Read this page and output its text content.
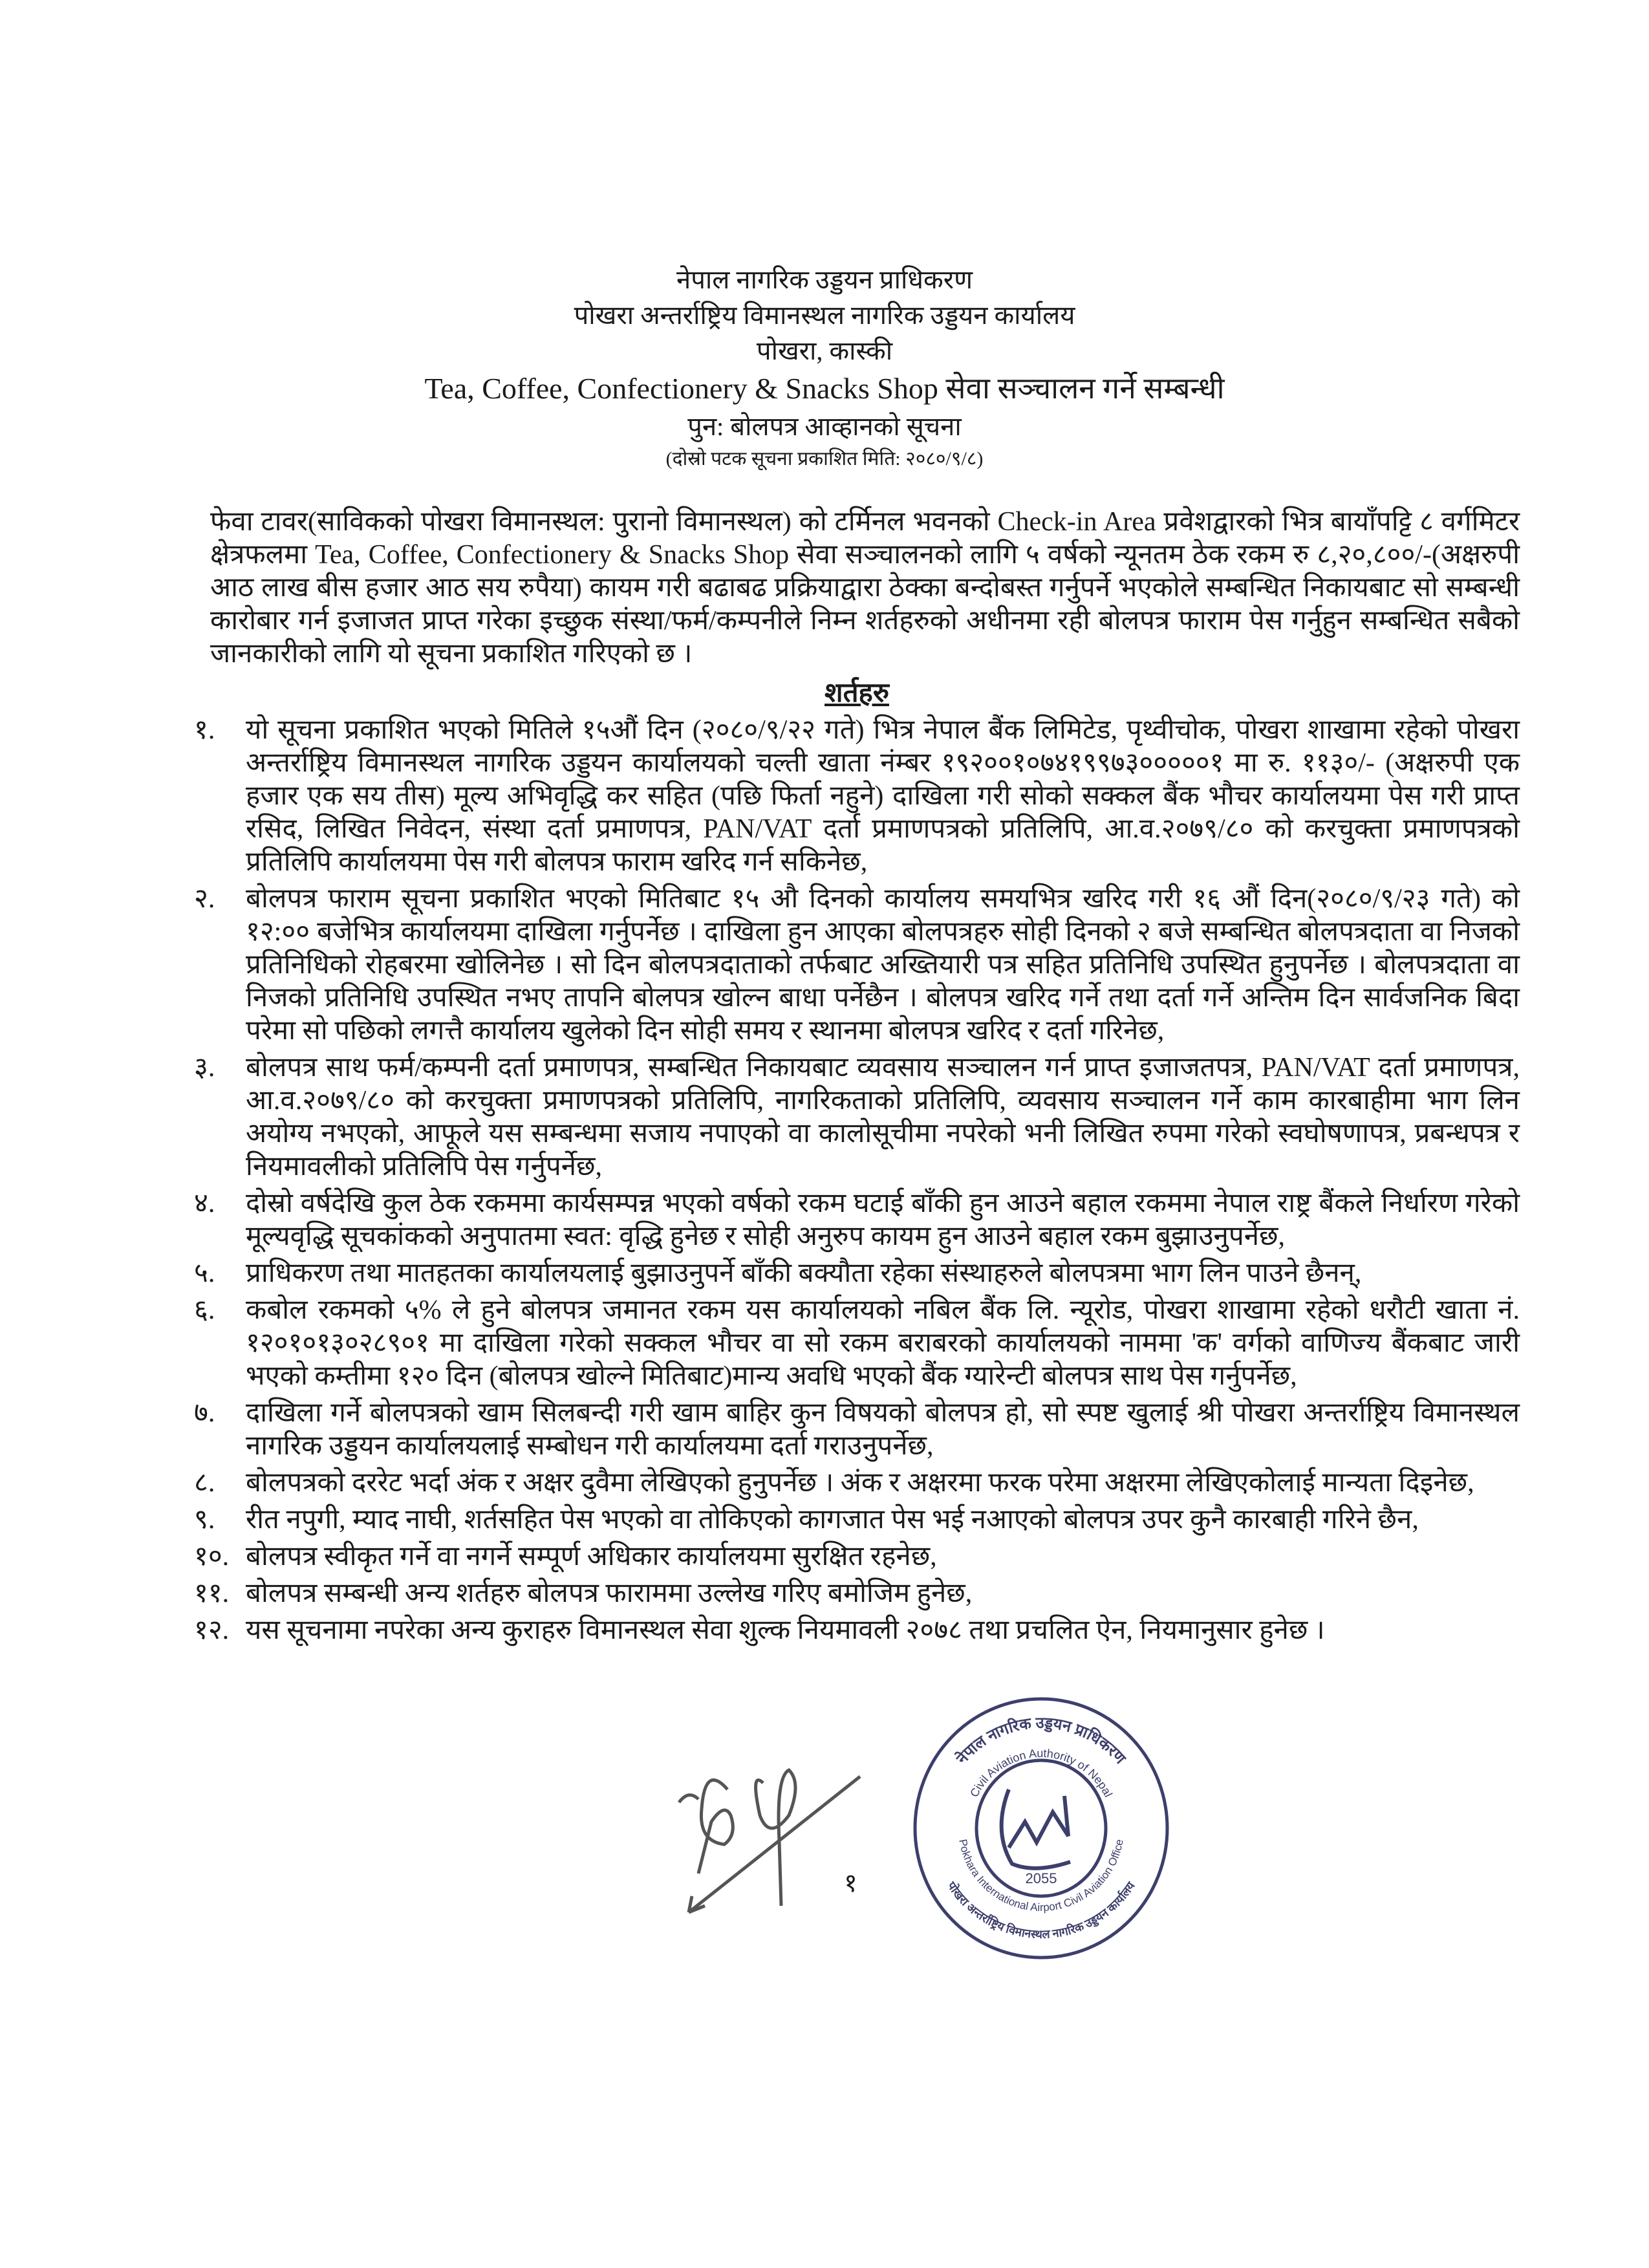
नेपाल नागरिक उड्डयन प्राधिकरण
पोखरा अन्तर्राष्ट्रिय विमानस्थल नागरिक उड्डयन कार्यालय
पोखरा, कास्की
Tea, Coffee, Confectionery & Snacks Shop सेवा सञ्चालन गर्ने सम्बन्धी
पुन: बोलपत्र आव्हानको सूचना
(दोस्रो पटक सूचना प्रकाशित मिति: २०८०/९/८)
फेवा टावर(साविकको पोखरा विमानस्थल: पुरानो विमानस्थल) को टर्मिनल भवनको Check-in Area प्रवेशद्वारको भित्र बायाँपट्टि ८ वर्गमिटर क्षेत्रफलमा Tea, Coffee, Confectionery & Snacks Shop सेवा सञ्चालनको लागि ५ वर्षको न्यूनतम ठेक रकम रु ८,२०,८००/-(अक्षरुपी आठ लाख बीस हजार आठ सय रुपैया) कायम गरी बढाबढ प्रक्रियाद्वारा ठेक्का बन्दोबस्त गर्नुपर्ने भएकोले सम्बन्धित निकायबाट सो सम्बन्धी कारोबार गर्न इजाजत प्राप्त गरेका इच्छुक संस्था/फर्म/कम्पनीले निम्न शर्तहरुको अधीनमा रही बोलपत्र फाराम पेस गर्नुहुन सम्बन्धित सबैको जानकारीको लागि यो सूचना प्रकाशित गरिएको छ ।
शर्तहरु
१.	यो सूचना प्रकाशित भएको मितिले १५औं दिन (२०८०/९/२२ गते) भित्र नेपाल बैंक लिमिटेड, पृथ्वीचोक, पोखरा शाखामा रहेको पोखरा अन्तर्राष्ट्रिय विमानस्थल नागरिक उड्डयन कार्यालयको चल्ती खाता नंम्बर १९२००१०७४१९९७३०००००१ मा रु. ११३०/- (अक्षरुपी एक हजार एक सय तीस) मूल्य अभिवृद्धि कर सहित (पछि फिर्ता नहुने) दाखिला गरी सोको सक्कल बैंक भौचर कार्यालयमा पेस गरी प्राप्त रसिद, लिखित निवेदन, संस्था दर्ता प्रमाणपत्र, PAN/VAT दर्ता प्रमाणपत्रको प्रतिलिपि, आ.व.२०७९/८० को करचुक्ता प्रमाणपत्रको प्रतिलिपि कार्यालयमा पेस गरी बोलपत्र फाराम खरिद गर्न सकिनेछ,
२.	बोलपत्र फाराम सूचना प्रकाशित भएको मितिबाट १५ औ दिनको कार्यालय समयभित्र खरिद गरी १६ औं दिन(२०८०/९/२३ गते) को १२:०० बजेभित्र कार्यालयमा दाखिला गर्नुपर्नेछ । दाखिला हुन आएका बोलपत्रहरु सोही दिनको २ बजे सम्बन्धित बोलपत्रदाता वा निजको प्रतिनिधिको रोहबरमा खोलिनेछ । सो दिन बोलपत्रदाताको तर्फबाट अख्तियारी पत्र सहित प्रतिनिधि उपस्थित हुनुपर्नेछ । बोलपत्रदाता वा निजको प्रतिनिधि उपस्थित नभए तापनि बोलपत्र खोल्न बाधा पर्नेछैन । बोलपत्र खरिद गर्ने तथा दर्ता गर्ने अन्तिम दिन सार्वजनिक बिदा परेमा सो पछिको लगत्तै कार्यालय खुलेको दिन सोही समय र स्थानमा बोलपत्र खरिद र दर्ता गरिनेछ,
३.	बोलपत्र साथ फर्म/कम्पनी दर्ता प्रमाणपत्र, सम्बन्धित निकायबाट व्यवसाय सञ्चालन गर्न प्राप्त इजाजतपत्र, PAN/VAT दर्ता प्रमाणपत्र, आ.व.२०७९/८० को करचुक्ता प्रमाणपत्रको प्रतिलिपि, नागरिकताको प्रतिलिपि, व्यवसाय सञ्चालन गर्ने काम कारबाहीमा भाग लिन अयोग्य नभएको, आफूले यस सम्बन्धमा सजाय नपाएको वा कालोसूचीमा नपरेको भनी लिखित रुपमा गरेको स्वघोषणापत्र, प्रबन्धपत्र र नियमावलीको प्रतिलिपि पेस गर्नुपर्नेछ,
४.	दोस्रो वर्षदेखि कुल ठेक रकममा कार्यसम्पन्न भएको वर्षको रकम घटाई बाँकी हुन आउने बहाल रकममा नेपाल राष्ट्र बैंकले निर्धारण गरेको मूल्यवृद्धि सूचकांकको अनुपातमा स्वत: वृद्धि हुनेछ र सोही अनुरुप कायम हुन आउने बहाल रकम बुझाउनुपर्नेछ,
५.	प्राधिकरण तथा मातहतका कार्यालयलाई बुझाउनुपर्ने बाँकी बक्यौता रहेका संस्थाहरुले बोलपत्रमा भाग लिन पाउने छैनन्,
६.	कबोल रकमको ५% ले हुने बोलपत्र जमानत रकम यस कार्यालयको नबिल बैंक लि. न्यूरोड, पोखरा शाखामा रहेको धरौटी खाता नं. १२०१०१३०२८९०१ मा दाखिला गरेको सक्कल भौचर वा सो रकम बराबरको कार्यालयको नाममा 'क' वर्गको वाणिज्य बैंकबाट जारी भएको कम्तीमा १२० दिन (बोलपत्र खोल्ने मितिबाट)मान्य अवधि भएको बैंक ग्यारेन्टी बोलपत्र साथ पेस गर्नुपर्नेछ,
७.	दाखिला गर्ने बोलपत्रको खाम सिलबन्दी गरी खाम बाहिर कुन विषयको बोलपत्र हो, सो स्पष्ट खुलाई श्री पोखरा अन्तर्राष्ट्रिय विमानस्थल नागरिक उड्डयन कार्यालयलाई सम्बोधन गरी कार्यालयमा दर्ता गराउनुपर्नेछ,
८.	बोलपत्रको दररेट भर्दा अंक र अक्षर दुवैमा लेखिएको हुनुपर्नेछ । अंक र अक्षरमा फरक परेमा अक्षरमा लेखिएकोलाई मान्यता दिइनेछ,
९.	रीत नपुगी, म्याद नाघी, शर्तसहित पेस भएको वा तोकिएको कागजात पेस भई नआएको बोलपत्र उपर कुनै कारबाही गरिने छैन,
१०. बोलपत्र स्वीकृत गर्ने वा नगर्ने सम्पूर्ण अधिकार कार्यालयमा सुरक्षित रहनेछ,
११. बोलपत्र सम्बन्धी अन्य शर्तहरु बोलपत्र फाराममा उल्लेख गरिए बमोजिम हुनेछ,
१२. यस सूचनामा नपरेका अन्य कुराहरु विमानस्थल सेवा शुल्क नियमावली २०७८ तथा प्रचलित ऐन, नियमानुसार हुनेछ ।
१
नेपाल नागरिक उड्डयन प्राधिकरण
Civil Aviation Authority of Nepal
Pokhara International Airport Civil Aviation Office
पोखरा अन्तर्राष्ट्रिय विमानस्थल नागरिक उड्डयन कार्यालय
2055
